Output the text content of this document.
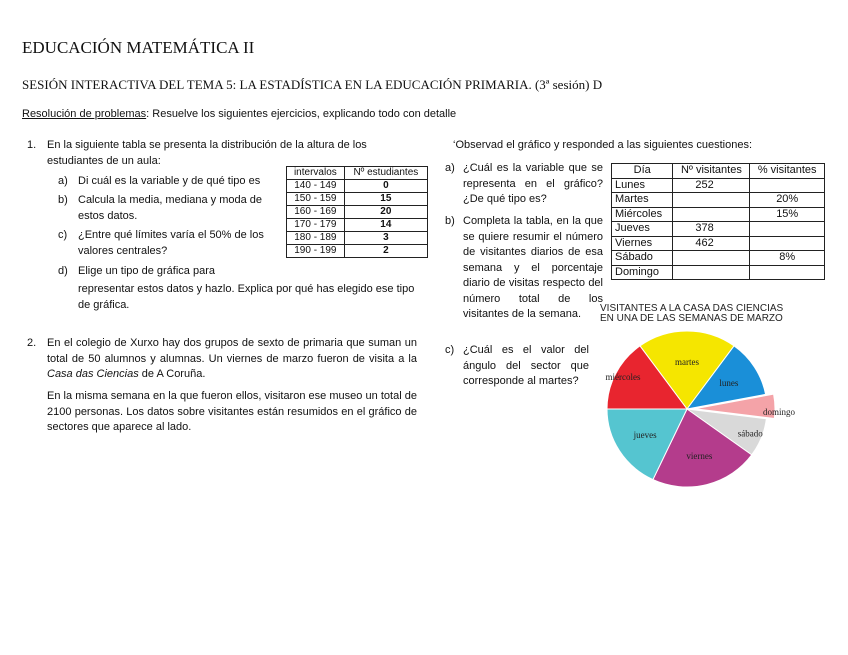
EDUCACIÓN MATEMÁTICA II
SESIÓN INTERACTIVA DEL TEMA 5: LA ESTADÍSTICA EN LA EDUCACIÓN PRIMARIA. (3ª sesión) D
Resolución de problemas: Resuelve los siguientes ejercicios, explicando todo con detalle
1. En la siguiente tabla se presenta la distribución de la altura de los
estudiantes de un aula:
a) Di cuál es la variable y de qué tipo es
b) Calcula la media, mediana y moda de estos datos.
c) ¿Entre qué límites varía el 50% de los valores centrales?
d) Elige un tipo de gráfica para
representar estos datos y hazlo. Explica por qué has elegido ese tipo de gráfica.
intervalos	Nº estudiantes
140 - 149	0
150 - 159	15
160 - 169	20
170 - 179	14
180 - 189	3
190 - 199	2
2. En el colegio de Xurxo hay dos grupos de sexto de primaria que suman un total de 50 alumnos y alumnas. Un viernes de marzo fueron de visita a la Casa das Ciencias de A Coruña.
En la misma semana en la que fueron ellos, visitaron ese museo un total de 2100 personas. Los datos sobre visitantes están resumidos en el gráfico de sectores que aparece al lado.
‘Observad el gráfico y responded a las siguientes cuestiones:
a) ¿Cuál es la variable que se representa en el gráfico? ¿De qué tipo es?
b) Completa la tabla, en la que se quiere resumir el número de visitantes diarios de esa semana y el porcentaje diario de visitas respecto del número total de los visitantes de la semana.
c) ¿Cuál es el valor del ángulo del sector que corresponde al martes?
Día	Nº visitantes	% visitantes
Lunes	252	
Martes		20%
Miércoles		15%
Jueves	378	
Viernes	462	
Sábado		8%
Domingo		
VISITANTES A LA CASA DAS CIENCIAS
EN UNA DE LAS SEMANAS DE MARZO
martes
lunes
domingo
sábado
viernes
jueves
miércoles
